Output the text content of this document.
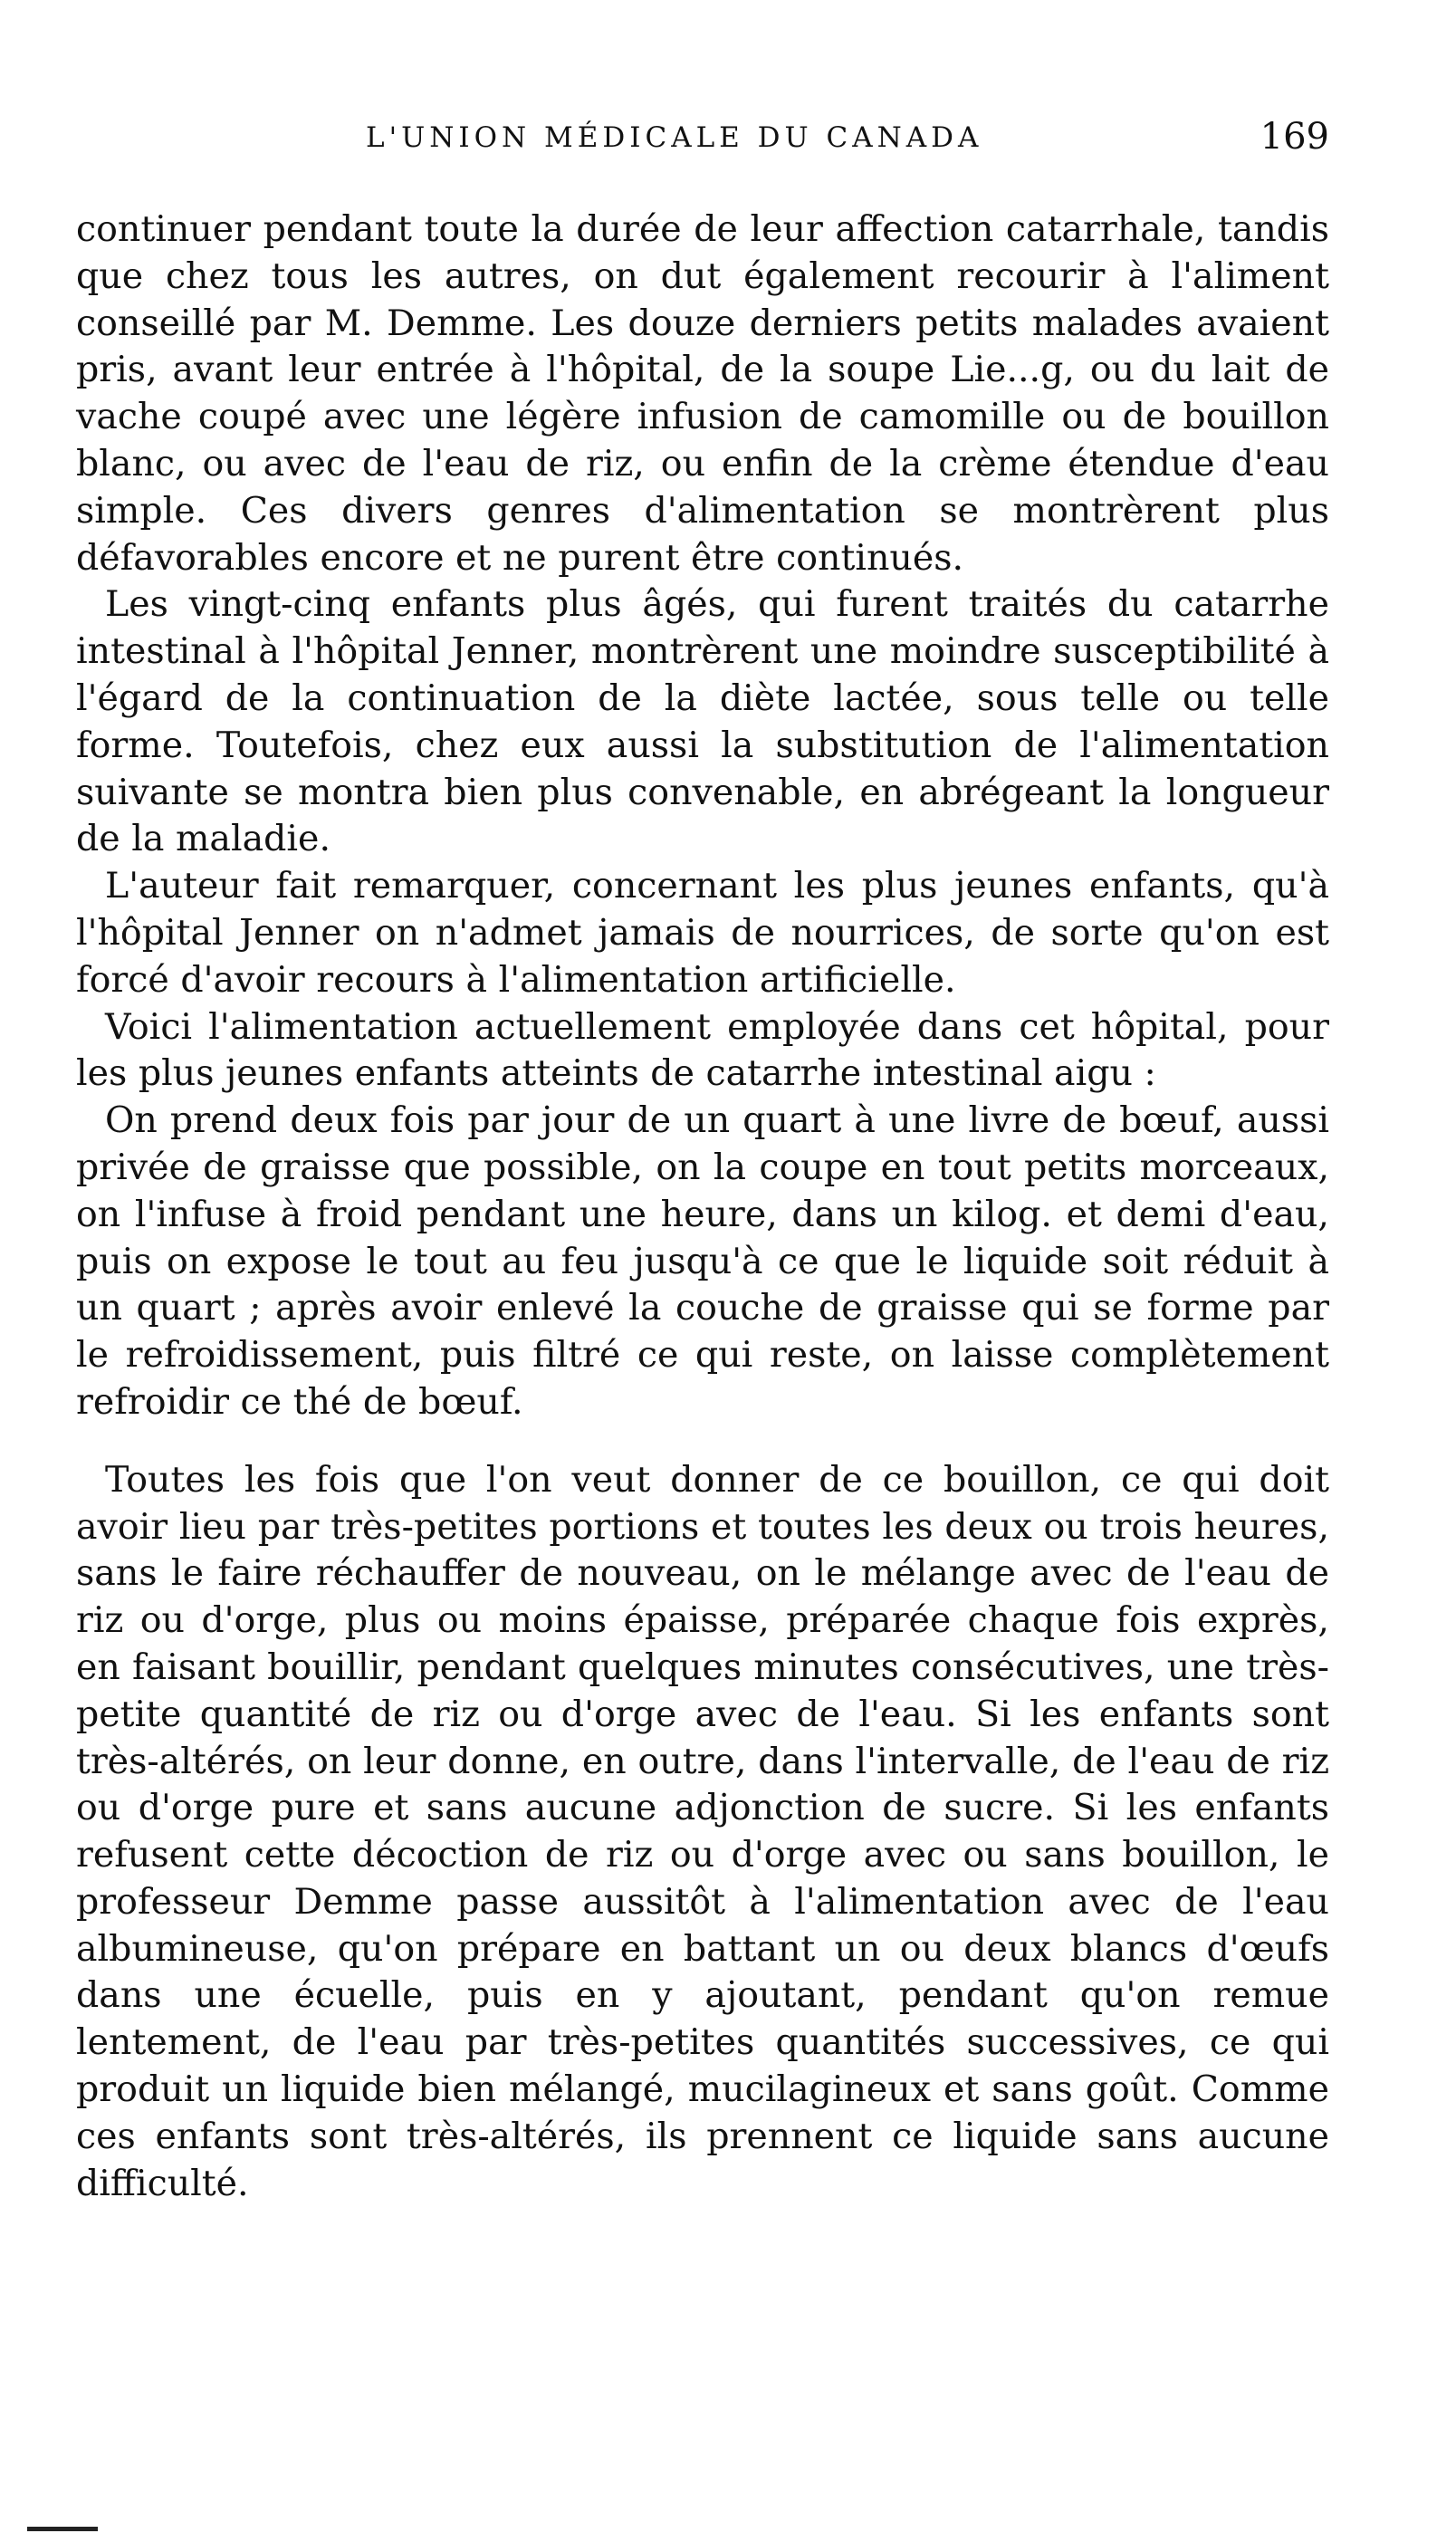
L'UNION MÉDICALE DU CANADA	169

continuer pendant toute la durée de leur affection catarrhale, tandis que chez tous les autres, on dut également recourir à l'aliment conseillé par M. Demme. Les douze derniers petits malades avaient pris, avant leur entrée à l'hôpital, de la soupe Lie...g, ou du lait de vache coupé avec une légère infusion de camomille ou de bouillon blanc, ou avec de l'eau de riz, ou enfin de la crème étendue d'eau simple. Ces divers genres d'alimentation se montrèrent plus défavorables encore et ne purent être continués.

Les vingt-cinq enfants plus âgés, qui furent traités du catarrhe intestinal à l'hôpital Jenner, montrèrent une moindre susceptibilité à l'égard de la continuation de la diète lactée, sous telle ou telle forme. Toutefois, chez eux aussi la substitution de l'alimentation suivante se montra bien plus convenable, en abrégeant la longueur de la maladie.

L'auteur fait remarquer, concernant les plus jeunes enfants, qu'à l'hôpital Jenner on n'admet jamais de nourrices, de sorte qu'on est forcé d'avoir recours à l'alimentation artificielle.

Voici l'alimentation actuellement employée dans cet hôpital, pour les plus jeunes enfants atteints de catarrhe intestinal aigu :

On prend deux fois par jour de un quart à une livre de bœuf, aussi privée de graisse que possible, on la coupe en tout petits morceaux, on l'infuse à froid pendant une heure, dans un kilog. et demi d'eau, puis on expose le tout au feu jusqu'à ce que le liquide soit réduit à un quart ; après avoir enlevé la couche de graisse qui se forme par le refroidissement, puis filtré ce qui reste, on laisse complètement refroidir ce thé de bœuf.

Toutes les fois que l'on veut donner de ce bouillon, ce qui doit avoir lieu par très-petites portions et toutes les deux ou trois heures, sans le faire réchauffer de nouveau, on le mélange avec de l'eau de riz ou d'orge, plus ou moins épaisse, préparée chaque fois exprès, en faisant bouillir, pendant quelques minutes consécutives, une très-petite quantité de riz ou d'orge avec de l'eau. Si les enfants sont très-altérés, on leur donne, en outre, dans l'intervalle, de l'eau de riz ou d'orge pure et sans aucune adjonction de sucre. Si les enfants refusent cette décoction de riz ou d'orge avec ou sans bouillon, le professeur Demme passe aussitôt à l'alimentation avec de l'eau albumineuse, qu'on prépare en battant un ou deux blancs d'œufs dans une écuelle, puis en y ajoutant, pendant qu'on remue lentement, de l'eau par très-petites quantités successives, ce qui produit un liquide bien mélangé, mucilagineux et sans goût. Comme ces enfants sont très-altérés, ils prennent ce liquide sans aucune difficulté.
